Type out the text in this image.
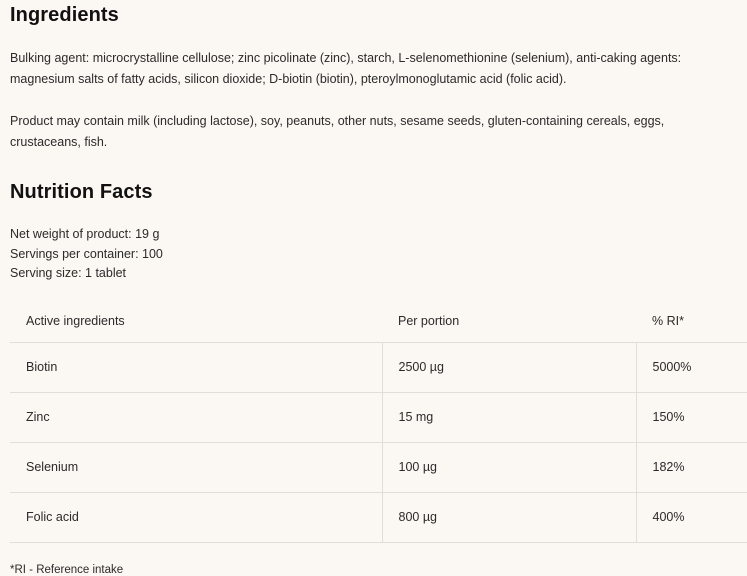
Ingredients

Bulking agent: microcrystalline cellulose; zinc picolinate (zinc), starch, L-selenomethionine (selenium), anti-caking agents: magnesium salts of fatty acids, silicon dioxide; D-biotin (biotin), pteroylmonoglutamic acid (folic acid).

Product may contain milk (including lactose), soy, peanuts, other nuts, sesame seeds, gluten-containing cereals, eggs, crustaceans, fish.

Nutrition Facts
Net weight of product: 19 g
Servings per container: 100
Serving size: 1 tablet
Active ingredients	Per portion	% RI*
Biotin	2500 µg	5000%
Zinc	15 mg	150%
Selenium	100 µg	182%
Folic acid	800 µg	400%
*RI - Reference intake
